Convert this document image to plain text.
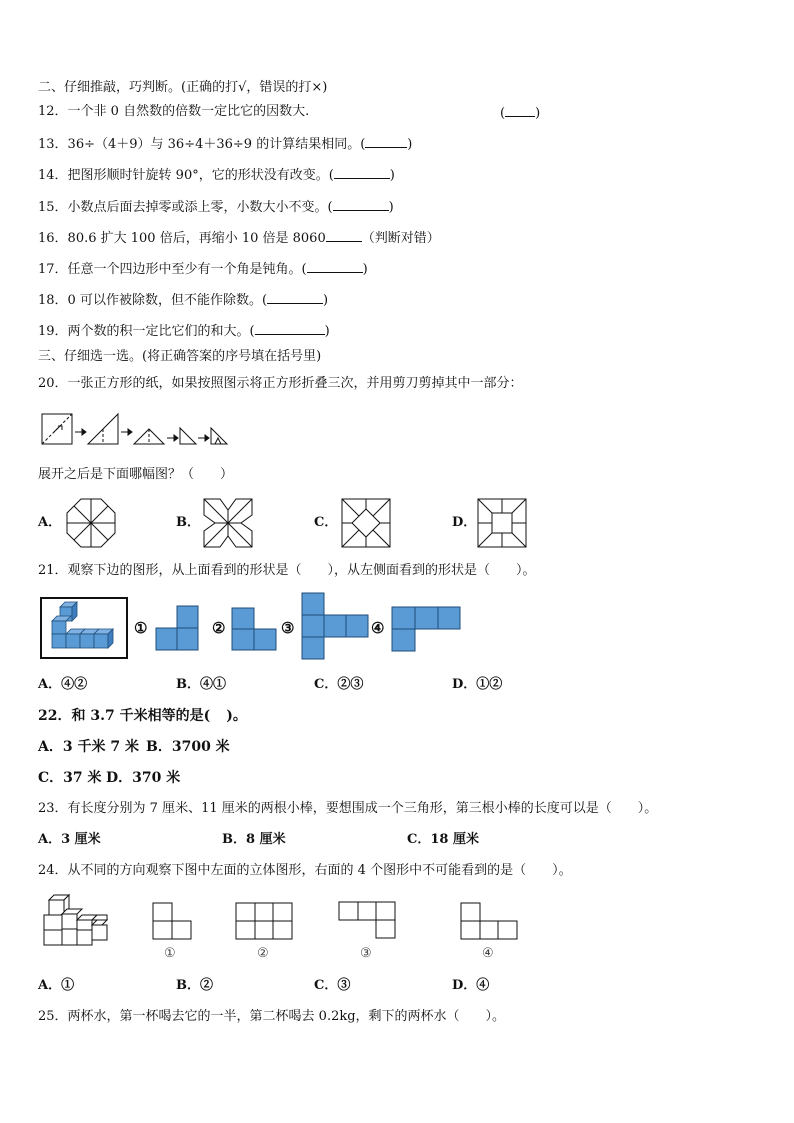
二、仔细推敲，巧判断。(正确的打√，错误的打×)
12．一个非 0 自然数的倍数一定比它的因数大.	( )
13．36÷（4＋9）与 36÷4＋36÷9 的计算结果相同。(	)
14．把图形顺时针旋转 90°，它的形状没有改变。(	)
15．小数点后面去掉零或添上零，小数大小不变。(	)
16．80.6 扩大 100 倍后，再缩小 10 倍是 8060	（判断对错）
17．任意一个四边形中至少有一个角是钝角。(	)
18．0 可以作被除数，但不能作除数。(	)
19．两个数的积一定比它们的和大。(	)
三、仔细选一选。(将正确答案的序号填在括号里)
20．一张正方形的纸，如果按照图示将正方形折叠三次，并用剪刀剪掉其中一部分：
展开之后是下面哪幅图？（　　）
A．	B．	C．	D．
21．观察下边的图形，从上面看到的形状是（　　），从左侧面看到的形状是（　　）。
①	②	③	④
A．④②	B．④①	C．②③	D．①②
22．和 3.7 千米相等的是( )。
A．3 千米 7 米 B．3700 米
C．37 米 D．370 米
23．有长度分别为 7 厘米、11 厘米的两根小棒，要想围成一个三角形，第三根小棒的长度可以是（　　）。
A．3 厘米	B．8 厘米	C．18 厘米
24．从不同的方向观察下图中左面的立体图形，右面的 4 个图形中不可能看到的是（　　）。
①	②	③	④
A．①	B．②	C．③	D．④
25．两杯水，第一杯喝去它的一半，第二杯喝去 0.2kg，剩下的两杯水（　　）。
